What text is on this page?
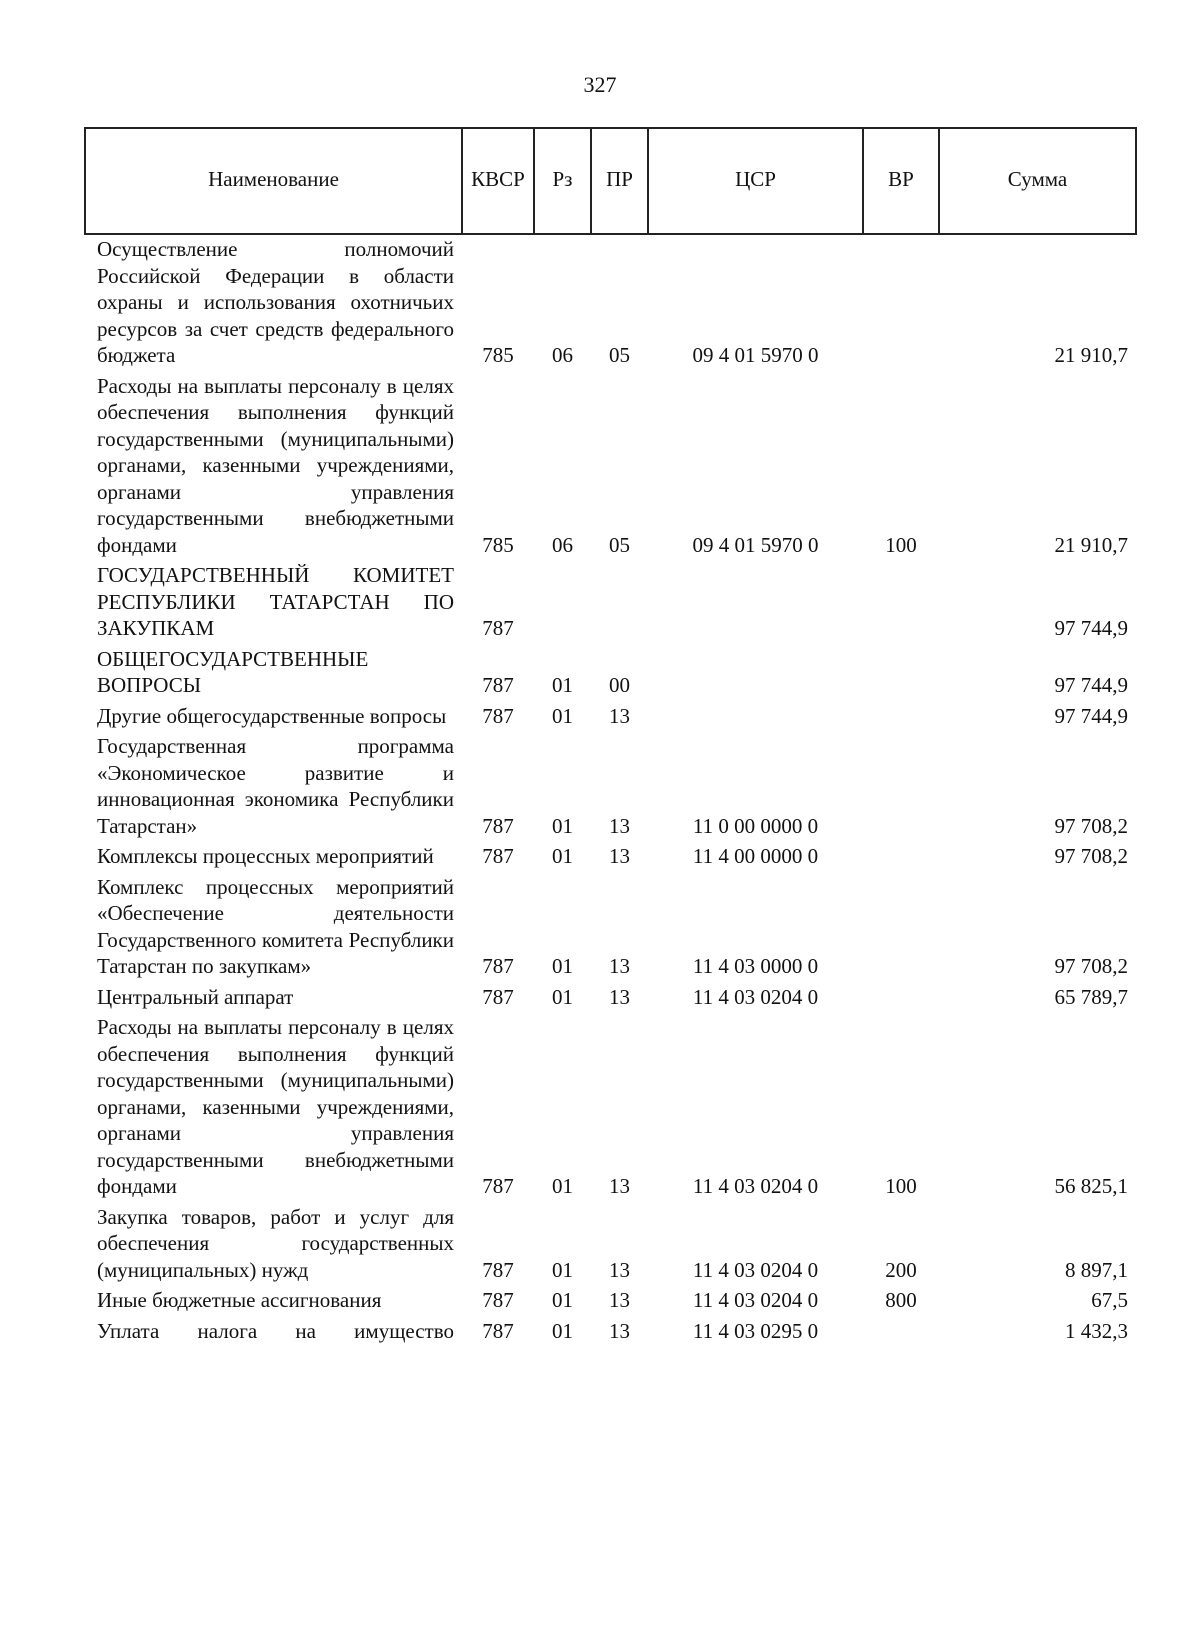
327
Наименование	КВСР	Рз	ПР	ЦСР	ВР	Сумма
Осуществление полномочий Российской Федерации в области охраны и использования охотничьих ресурсов за счет средств федерального бюджета	785	06	05	09 4 01 5970 0		21 910,7
Расходы на выплаты персоналу в целях обеспечения выполнения функций государственными (муниципальными) органами, казенными учреждениями, органами управления государственными внебюджетными фондами	785	06	05	09 4 01 5970 0	100	21 910,7
ГОСУДАРСТВЕННЫЙ КОМИТЕТ РЕСПУБЛИКИ ТАТАРСТАН ПО ЗАКУПКАМ	787					97 744,9
ОБЩЕГОСУДАРСТВЕННЫЕ ВОПРОСЫ	787	01	00			97 744,9
Другие общегосударственные вопросы	787	01	13			97 744,9
Государственная программа «Экономическое развитие и инновационная экономика Республики Татарстан»	787	01	13	11 0 00 0000 0		97 708,2
Комплексы процессных мероприятий	787	01	13	11 4 00 0000 0		97 708,2
Комплекс процессных мероприятий «Обеспечение деятельности Государственного комитета Республики Татарстан по закупкам»	787	01	13	11 4 03 0000 0		97 708,2
Центральный аппарат	787	01	13	11 4 03 0204 0		65 789,7
Расходы на выплаты персоналу в целях обеспечения выполнения функций государственными (муниципальными) органами, казенными учреждениями, органами управления государственными внебюджетными фондами	787	01	13	11 4 03 0204 0	100	56 825,1
Закупка товаров, работ и услуг для обеспечения государственных (муниципальных) нужд	787	01	13	11 4 03 0204 0	200	8 897,1
Иные бюджетные ассигнования	787	01	13	11 4 03 0204 0	800	67,5
Уплата налога на имущество	787	01	13	11 4 03 0295 0		1 432,3
